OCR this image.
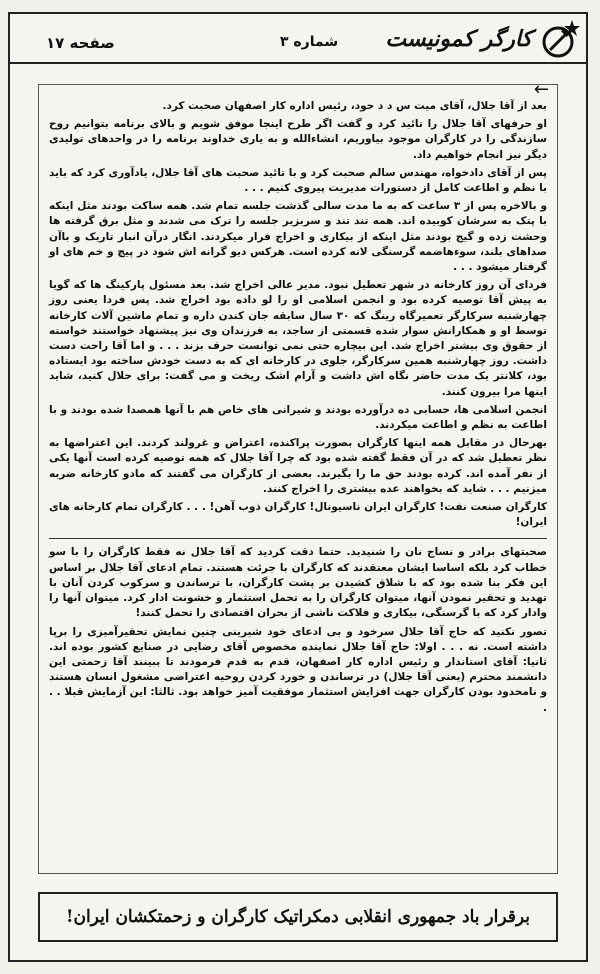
صفحه ۱۷	شماره ۳ کارگر کمونیست
←

بعد از آقا جلال، آقای میت س د د حود، رئیس اداره کار اصفهان صحبت کرد.

او حرفهای آقا جلال را تائید کرد و گفت اگر طرح اینجا موفق شویم و بالای برنامه بتوانیم روح سازندگی را در کارگران موجود بیاوریم، انشاءالله و به یاری خداوند برنامه را در واحدهای تولیدی دیگر نیز انجام خواهیم داد.

پس از آقای دادخواه، مهندس سالم صحبت کرد و با تائید صحبت های آقا جلال، یادآوری کرد که باید با نظم و اطاعت کامل از دستورات مدیریت پیروی کنیم . . .

و بالاخره پس از ۳ ساعت که به ما مدت سالی گذشت جلسه تمام شد. همه ساکت بودند مثل اینکه با پتک به سرشان کوبیده اند. همه تند تند و سربزیر جلسه را ترک می شدند و مثل برق گرفته ها وحشت زده و گیج بودند مثل اینکه از بیکاری و اخراج فرار میکردند. انگار درآن انبار تاریک و باآن صداهای بلند، سوءهاضمه گرسنگی لانه کرده است. هرکس دیو گرانه اش شود در پیچ و خم های او گرفتار میشود . . .

فردای آن روز کارخانه در شهر تعطیل نبود. مدیر عالی اخراج شد. بعد مسئول پارکینگ ها که گویا به پیش آقا توصیه کرده بود و انجمن اسلامی او را لو داده بود اخراج شد. پس فردا یعنی روز چهارشنبه سرکارگر تعمیرگاه رینگ که ۳۰ سال سابقه جان کندن داره و تمام ماشین آلات کارخانه توسط او و همکارانش سوار شده قسمتی از ساجد، به فرزندان وی نیز پیشنهاد خواستند خواسته از حقوق وی بیشتر اخراج شد. این بیچاره حتی نمی توانست حرف بزند . . . و اما آقا راحت دست داشت. روز چهارشنبه همین سرکارگر، جلوی در کارخانه ای که به دست خودش ساخته بود ایستاده بود، کلانتر یک مدت حاضر نگاه اش داشت و آرام اشک ریخت و می گفت: برای حلال کنید، شاید اینها مرا بیرون کنند.

انجمن اسلامی ها، حسابی ده درآورده بودند و شیرانی های خاص هم با آنها همصدا شده بودند و با اطاعت به نظم و اطاعت میکردند.

بهرحال در مقابل همه اینها کارگران بصورت پراکنده، اعتراض و غرولند کردند. این اعتراضها به نظر تعطیل شد که در آن فقط گفته شده بود که چرا آقا جلال که همه توصیه کرده است آنها یکی از نفر آمده اند. کرده بودند حق ما را بگیرند. بعضی از کارگران می گفتند که مادو کارخانه ضربه میزنیم . . . شاید که بخواهند عده بیشتری را اخراج کنند.

کارگران صنعت نفت! کارگران ایران ناسیونال! کارگران ذوب آهن! . . . کارگران تمام کارخانه های ایران!

صحبتهای برادر و نساج نان را شنیدید. حتما دقت کردید که آقا جلال نه فقط کارگران را با سو خطاب کرد بلکه اساسا ایشان معتقدند که کارگران با جرئت هستند. تمام ادعای آقا جلال بر اساس این فکر بنا شده بود که با شلاق کشیدن بر پشت کارگران، با ترساندن و سرکوب کردن آنان با تهدید و تحقیر نمودن آنها، میتوان کارگران را به تحمل استثمار و خشونت ادار کرد. میتوان آنها را وادار کرد که با گرسنگی، بیکاری و فلاکت ناشی از بحران اقتصادی را تحمل کنند!

تصور نکنید که حاج آقا جلال سرخود و بی ادعای خود شیرینی چنین نمایش تحقیرآمیزی را برپا داشته است. نه . . . اولا: حاج آقا جلال نماینده مخصوص آقای رضایی در صنایع کشور بوده اند. ثانیا: آقای استاندار و رئیس اداره کار اصفهان، قدم به قدم فرمودند تا ببینند آقا زحمتی این دانشمند محترم (یعنی آقا جلال) در ترساندن و خورد کردن روحیه اعتراضی مشغول انسان هستند و نامحدود بودن کارگران جهت افزایش استثمار موفقیت آمیز خواهد بود. ثالثا: این آزمایش قبلا . . .

برقرار باد جمهوری انقلابی دمکراتیک کارگران و زحمتکشان ایران!
